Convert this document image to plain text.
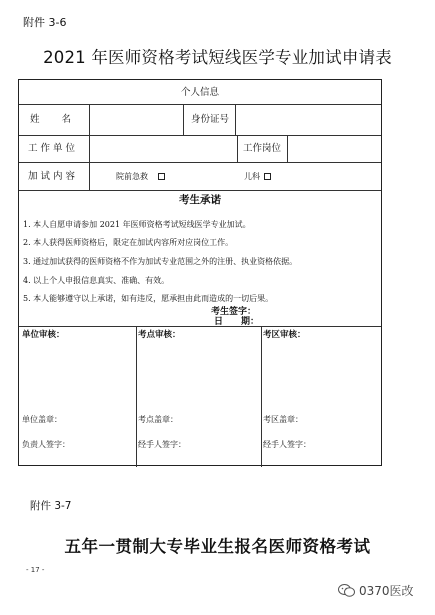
附件 3-6
2021 年医师资格考试短线医学专业加试申请表
个人信息
姓　　名	身份证号
工 作 单 位	工作岗位
加 试 内 容	院前急救	儿科
考生承诺
1. 本人自愿申请参加 2021 年医师资格考试短线医学专业加试。
2. 本人获得医师资格后，限定在加试内容所对应岗位工作。
3. 通过加试获得的医师资格不作为加试专业范围之外的注册、执业资格依据。
4. 以上个人申报信息真实、准确、有效。
5. 本人能够遵守以上承诺，如有违反，愿承担由此而造成的一切后果。
考生签字：
日　　期：
单位审核：	考点审核：	考区审核：
单位盖章：	考点盖章：	考区盖章：
负责人签字：	经手人签字：	经手人签字：
附件 3-7
五年一贯制大专毕业生报名医师资格考试
- 17 -
0370医改
